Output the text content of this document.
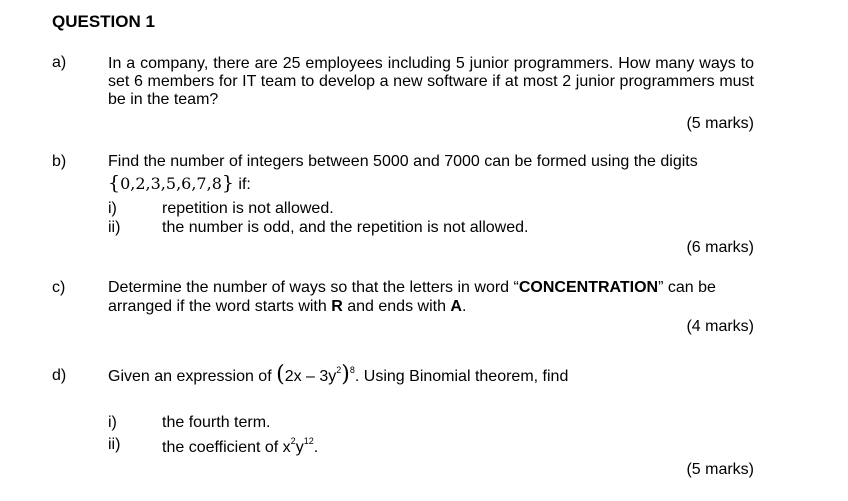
QUESTION 1
a)	In a company, there are 25 employees including 5 junior programmers. How many ways to set 6 members for IT team to develop a new software if at most 2 junior programmers must be in the team?
(5 marks)
b)	Find the number of integers between 5000 and 7000 can be formed using the digits
{0,2,3,5,6,7,8} if:
i)	repetition is not allowed.
ii)	the number is odd, and the repetition is not allowed.
(6 marks)
c)	Determine the number of ways so that the letters in word “CONCENTRATION” can be
arranged if the word starts with R and ends with A.
(4 marks)
d)	Given an expression of $(2x - 3y^2)^8$. Using Binomial theorem, find
i)	the fourth term.
ii)	the coefficient of $x^2y^{12}$.
(5 marks)
